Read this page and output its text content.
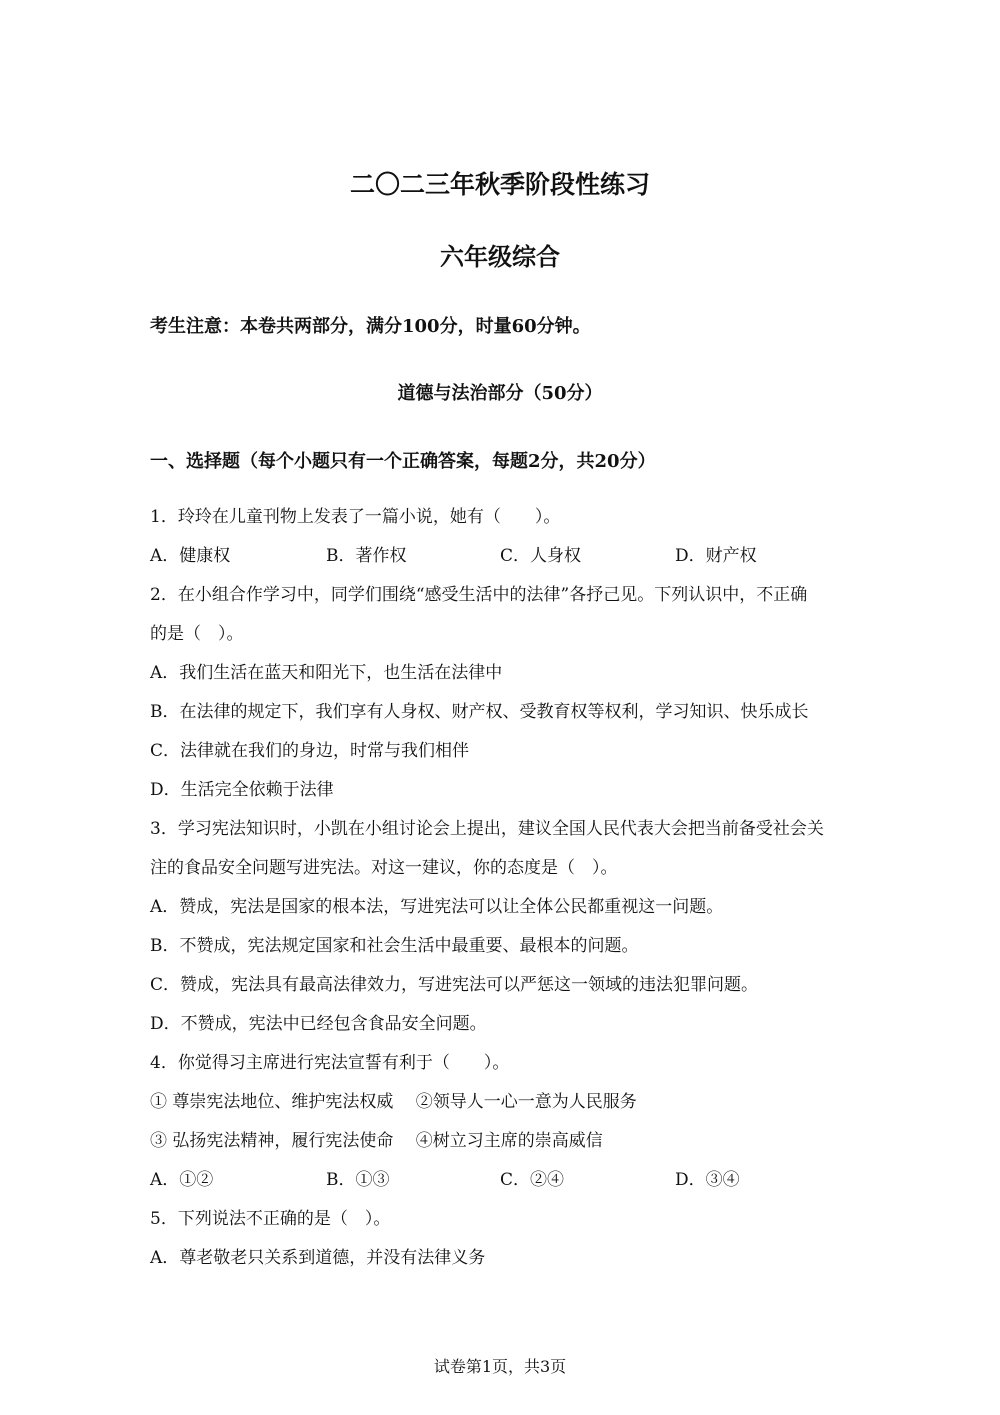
二〇二三年秋季阶段性练习
六年级综合
考生注意：本卷共两部分，满分100分，时量60分钟。
道德与法治部分（50分）
一、选择题（每个小题只有一个正确答案，每题2分，共20分）
1．玲玲在儿童刊物上发表了一篇小说，她有（　　）。
A．健康权	B．著作权	C．人身权	D．财产权
2．在小组合作学习中，同学们围绕“感受生活中的法律”各抒己见。下列认识中，不正确
的是（　）。
A．我们生活在蓝天和阳光下，也生活在法律中
B．在法律的规定下，我们享有人身权、财产权、受教育权等权利，学习知识、快乐成长
C．法律就在我们的身边，时常与我们相伴
D．生活完全依赖于法律
3．学习宪法知识时，小凯在小组讨论会上提出，建议全国人民代表大会把当前备受社会关
注的食品安全问题写进宪法。对这一建议，你的态度是（　）。
A．赞成，宪法是国家的根本法，写进宪法可以让全体公民都重视这一问题。
B．不赞成，宪法规定国家和社会生活中最重要、最根本的问题。
C．赞成，宪法具有最高法律效力，写进宪法可以严惩这一领域的违法犯罪问题。
D．不赞成，宪法中已经包含食品安全问题。
4．你觉得习主席进行宪法宣誓有利于（　　）。
① 尊崇宪法地位、维护宪法权威　 ②领导人一心一意为人民服务
③ 弘扬宪法精神，履行宪法使命　 ④树立习主席的崇高威信
A．①②	B．①③	C．②④	D．③④
5．下列说法不正确的是（　）。
A．尊老敬老只关系到道德，并没有法律义务
试卷第1页，共3页
